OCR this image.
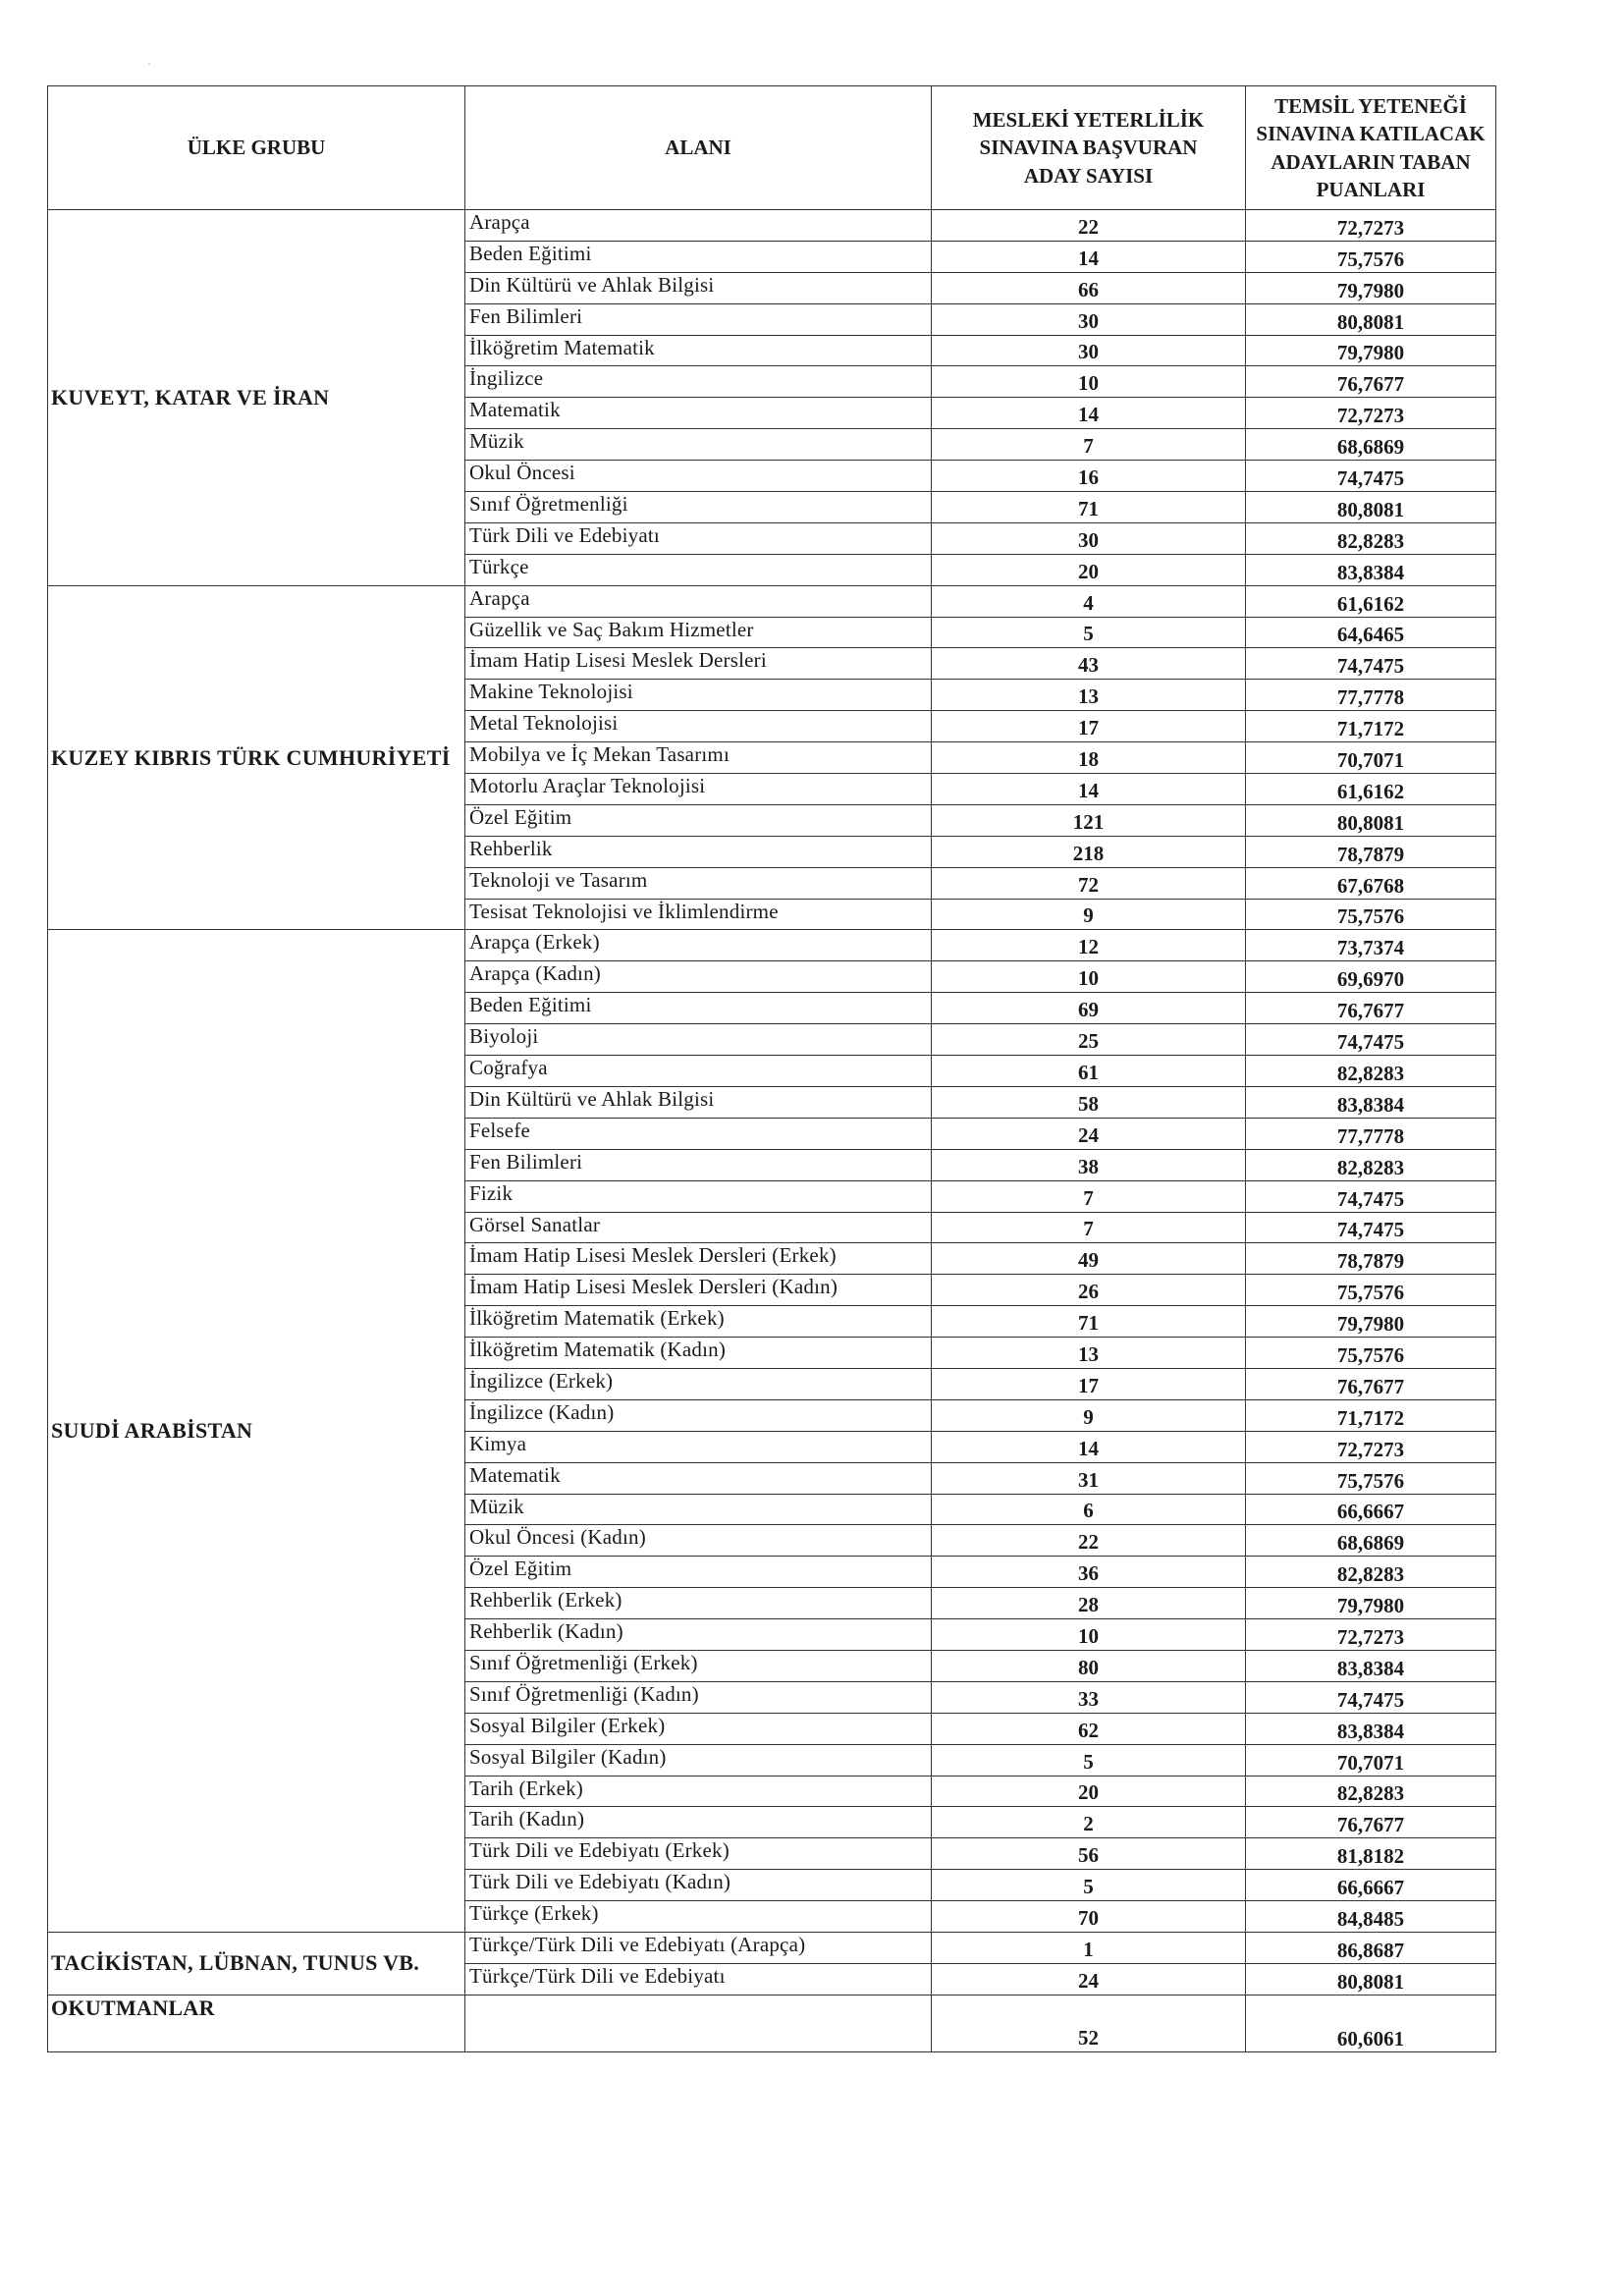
·
ÜLKE GRUBU	ALANI	MESLEKİ YETERLİLİK SINAVINA BAŞVURAN ADAY SAYISI	TEMSİL YETENEĞİ SINAVINA KATILACAK ADAYLARIN TABAN PUANLARI
KUVEYT, KATAR VE İRAN	Arapça	22	72,7273
	Beden Eğitimi	14	75,7576
	Din Kültürü ve Ahlak Bilgisi	66	79,7980
	Fen Bilimleri	30	80,8081
	İlköğretim Matematik	30	79,7980
	İngilizce	10	76,7677
	Matematik	14	72,7273
	Müzik	7	68,6869
	Okul Öncesi	16	74,7475
	Sınıf Öğretmenliği	71	80,8081
	Türk Dili ve Edebiyatı	30	82,8283
	Türkçe	20	83,8384
KUZEY KIBRIS TÜRK CUMHURİYETİ	Arapça	4	61,6162
	Güzellik ve Saç Bakım Hizmetler	5	64,6465
	İmam Hatip Lisesi Meslek Dersleri	43	74,7475
	Makine Teknolojisi	13	77,7778
	Metal Teknolojisi	17	71,7172
	Mobilya ve İç Mekan Tasarımı	18	70,7071
	Motorlu Araçlar Teknolojisi	14	61,6162
	Özel Eğitim	121	80,8081
	Rehberlik	218	78,7879
	Teknoloji ve Tasarım	72	67,6768
	Tesisat Teknolojisi ve İklimlendirme	9	75,7576
SUUDİ ARABİSTAN	Arapça (Erkek)	12	73,7374
	Arapça (Kadın)	10	69,6970
	Beden Eğitimi	69	76,7677
	Biyoloji	25	74,7475
	Coğrafya	61	82,8283
	Din Kültürü ve Ahlak Bilgisi	58	83,8384
	Felsefe	24	77,7778
	Fen Bilimleri	38	82,8283
	Fizik	7	74,7475
	Görsel Sanatlar	7	74,7475
	İmam Hatip Lisesi Meslek Dersleri (Erkek)	49	78,7879
	İmam Hatip Lisesi Meslek Dersleri (Kadın)	26	75,7576
	İlköğretim Matematik (Erkek)	71	79,7980
	İlköğretim Matematik (Kadın)	13	75,7576
	İngilizce (Erkek)	17	76,7677
	İngilizce (Kadın)	9	71,7172
	Kimya	14	72,7273
	Matematik	31	75,7576
	Müzik	6	66,6667
	Okul Öncesi (Kadın)	22	68,6869
	Özel Eğitim	36	82,8283
	Rehberlik (Erkek)	28	79,7980
	Rehberlik (Kadın)	10	72,7273
	Sınıf Öğretmenliği (Erkek)	80	83,8384
	Sınıf Öğretmenliği (Kadın)	33	74,7475
	Sosyal Bilgiler (Erkek)	62	83,8384
	Sosyal Bilgiler (Kadın)	5	70,7071
	Tarih (Erkek)	20	82,8283
	Tarih (Kadın)	2	76,7677
	Türk Dili ve Edebiyatı (Erkek)	56	81,8182
	Türk Dili ve Edebiyatı (Kadın)	5	66,6667
	Türkçe (Erkek)	70	84,8485
TACİKİSTAN, LÜBNAN, TUNUS VB.	Türkçe/Türk Dili ve Edebiyatı (Arapça)	1	86,8687
	Türkçe/Türk Dili ve Edebiyatı	24	80,8081
OKUTMANLAR		52	60,6061
